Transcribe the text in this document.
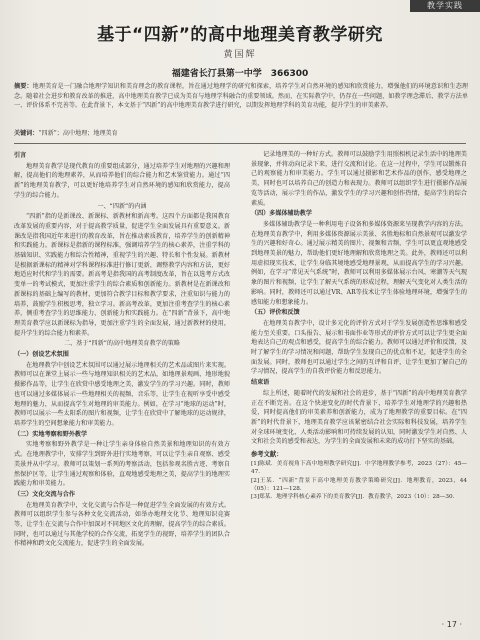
教学实践
基于“四新”的高中地理美育教学研究
黄国辉
福建省长汀县第一中学　366300
摘要：地理美育是一门融合地理学知识和美育理念的教育课程，旨在通过地理学的研究和探索，培养学生对自然环境的感知和欣赏能力，增强他们的环境意识和生态理念。随着社会进步和教育改革的推进，高中地理美育教学已成为美育与地理学科融合的重要领域。然而，在实际教学中，仍存在一些问题，如教学理念滞后、教学方法单一、评价体系不完善等。在此背景下，本文基于“四新”的高中地理美育教学进行研究，以期发挥地理学科的美育功能，提升学生的审美素养。
关键词：“四新”；高中地理；地理美育

引言

地理美育教学是现代教育的重要组成部分，通过培养学生对地理的兴趣和理解，提高他们的地理素养，从而培养他们的综合能力和艺术鉴赏能力。通过“四新”的地理美育教学，可以更好地培养学生对自然环境的感知和欣赏能力，提高学生的综合能力。

一、“四新”的内涵

“四新”指的是新课改、新课标、新教材和新高考。这四个方面都是我国教育改革发展的重要内容，对于提高教学质量，促进学生全面发展具有重要意义。新课改是指我国近年来进行的教育改革，旨在推动素质教育，培养学生的创新精神和实践能力。新课标是指新的课程标准，强调培养学生的核心素养，注重学科的基础知识、实践能力和综合性精神，重视学生的兴趣、特长和个性发展。新教材是根据新课标的精神对学科课程标准进行修订更新，调整教学内容和方法，更好地适应时代和学生的需要。新高考是指我国的高考制度改革，旨在以选考方式改变单一的考试模式，更加注重学生的综合素质和创新能力。新教材是在新课改和新课标的基础上编写的教材，更加符合教学目标和教学要求，注重知识与能力的培养，鼓励学生积极思考，独立学习。新高考改革，更加注重考查学生的核心素养，侧重考查学生的思维能力、创新能力和实践能力。在“四新”背景下，高中地理美育教学应以新课标为指导，更加注重学生的全面发展，通过新教材的使用，提升学生的综合能力和素养。

二、基于“四新”的高中地理美育教学的策略

（一）创设艺术氛围

在地理教学中创设艺术氛围可以通过展示地理相关的艺术品或图片来实现。教师可以在课堂上展示一些与地理知识相关的艺术品，如地理景观画、地形地貌摄影作品等，让学生在欣赏中感受地理之美，激发学生的学习兴趣。同时，教师也可以通过多媒体展示一些地理相关的视频、音乐等，让学生在视听享受中感受地理的魅力，从而提高学生对地理的审美能力。例如，在学习“地球的运动”时，教师可以展示一些太阳系的图片和视频，让学生在欣赏中了解地球的运动规律，培养学生的空间想象能力和审美能力。

（二）实地考察和野外教学

实地考察和野外教学是一种让学生亲身体验自然美景和地理知识的有效方式。在地理教学中，安排学生到野外进行实地考察，可以让学生亲自观察、感受美景并从中学习。教师可以策划一系列的考察活动，包括参观名胜古迹、考察自然保护区等，让学生通过观察和体验，直观地感受地理之美，提高学生的地理实践能力和审美能力。

（三）文化交流与合作

在地理美育教学中，文化交流与合作是一种促进学生全面发展的有效方式。教师可以组织学生参与各种文化交流活动，如举办地理文化节、地理知识竞赛等，让学生在交流与合作中加深对不同地区文化的理解，提高学生的综合素质。同时，也可以通过与其他学校的合作交流，拓宽学生的视野，培养学生的团队合作精神和跨文化交流能力，促进学生的全面发展。

记录地理美的一种好方式。教师可以鼓励学生用照相机记录生活中的地理美景现象，并将动向记录下来，进行交流和讨论。在这一过程中，学生可以锻炼自己的观察能力和审美能力。学生可以通过摄影和艺术作品的创作，感受地理之美，同时也可以培养自己的创造力和表现力。教师可以组织学生进行摄影作品展览等活动，展示学生的作品，激发学生的学习兴趣和创作热情，提高学生的综合素质。

（四）多媒体辅助教学

多媒体辅助教学是一种利用电子设备和多媒体资源来呈现教学内容的方法。在地理美育教学中，利用多媒体资源展示美景、名胜地标和自然景观可以激发学生的兴趣和好奇心。通过展示精美的图片、视频和音频，学生可以更直观地感受到地理美景的魅力，帮助他们更好地理解和欣赏地理之美。此外，教师还可以利用虚拟现实技术，让学生身临其境地感受地理景观，从而提高学生的学习兴趣。例如，在学习“常见天气系统”时，教师可以利用多媒体展示台风、寒潮等天气现象的图片和视频，让学生了解天气系统的形成过程，理解天气变化对人类生活的影响。同时，教师还可以通过VR、AR等技术让学生体验地理环境，增强学生的感知能力和想象能力。

（五）评价和反馈

在地理美育教学中，设计多元化的评价方式对于学生发展创造性思维和感受能力至关重要。口头报告、展示和书面作业等形式的评价方式可以让学生更全面地表达自己的观点和感受，提高学生的综合能力。教师可以通过评价和反馈，及时了解学生的学习情况和问题，帮助学生发现自己的优点和不足，促进学生的全面发展。同时，教师也可以通过学生之间的互评和自评，让学生更加了解自己的学习情况，提高学生的自我评价能力和反思能力。

结束语

综上所述，随着时代的发展和社会的进步，基于“四新”的高中地理美育教学正在不断完善。在这个快速变化的时代背景下，培养学生对地理学的兴趣和热爱，同时提高他们的审美素养和创新能力，成为了地理教学的重要目标。在“四新”的时代背景下，地理美育教学应该紧密结合社会实际和科技发展，培养学生对全球环境变化、人类活动影响和可持续发展的认知，同时激发学生对自然、人文和社会美的感受和表达，为学生的全面发展和未来的成功打下坚实的基础。

参考文献：

[1]陈斌．美育视角下高中地理教学研究[J]．中学地理教学参考，2023（27）：45—47．

[2]王某．“四新”背景下高中地理美育教学策略研究[J]．地理教育，2023，44（05）：121—128．

[3]郑某．地理学科核心素养下的美育教学[J]．教育教学，2023（10）：28—30．

· 17 ·
